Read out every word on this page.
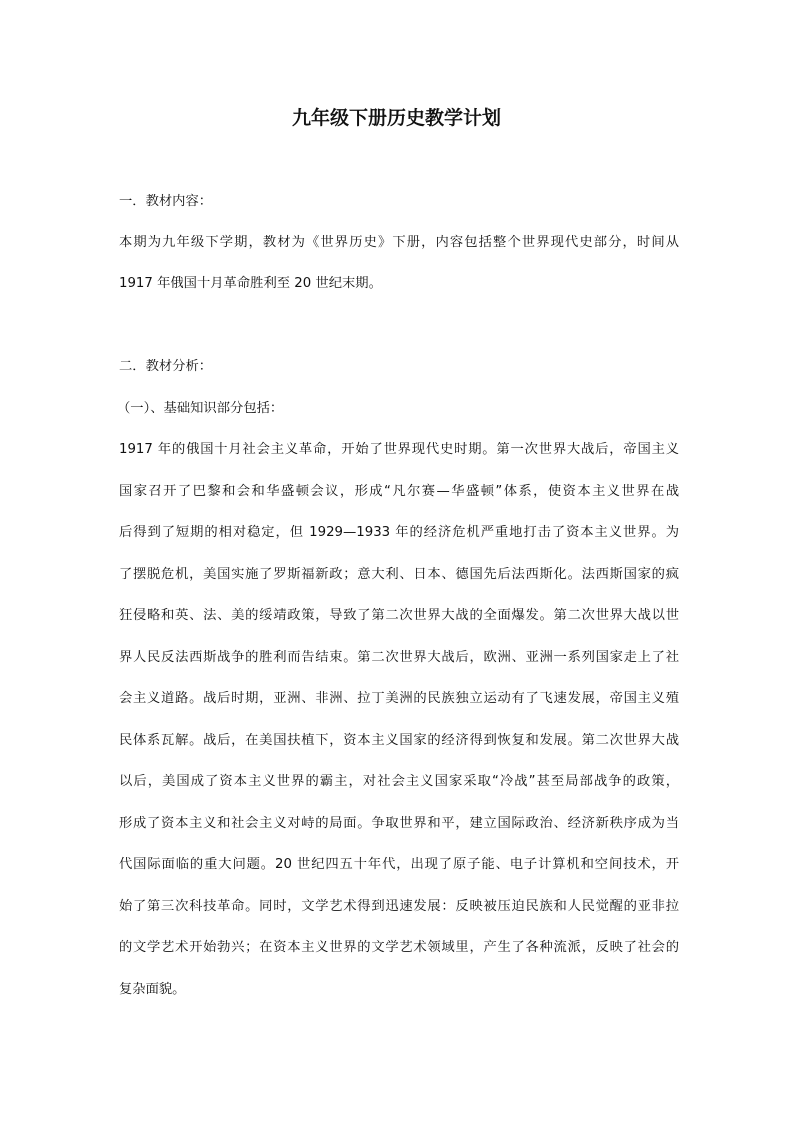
九年级下册历史教学计划
一．教材内容：
本期为九年级下学期，教材为《世界历史》下册，内容包括整个世界现代史部分，时间从
1917 年俄国十月革命胜利至 20 世纪末期。
二．教材分析：
（一）、基础知识部分包括：
1917 年的俄国十月社会主义革命，开始了世界现代史时期。第一次世界大战后，帝国主义
国家召开了巴黎和会和华盛顿会议，形成“凡尔赛—华盛顿”体系，使资本主义世界在战
后得到了短期的相对稳定，但 1929—1933 年的经济危机严重地打击了资本主义世界。为
了摆脱危机，美国实施了罗斯福新政；意大利、日本、德国先后法西斯化。法西斯国家的疯
狂侵略和英、法、美的绥靖政策，导致了第二次世界大战的全面爆发。第二次世界大战以世
界人民反法西斯战争的胜利而告结束。第二次世界大战后，欧洲、亚洲一系列国家走上了社
会主义道路。战后时期，亚洲、非洲、拉丁美洲的民族独立运动有了飞速发展，帝国主义殖
民体系瓦解。战后，在美国扶植下，资本主义国家的经济得到恢复和发展。第二次世界大战
以后，美国成了资本主义世界的霸主，对社会主义国家采取“冷战”甚至局部战争的政策，
形成了资本主义和社会主义对峙的局面。争取世界和平，建立国际政治、经济新秩序成为当
代国际面临的重大问题。20 世纪四五十年代，出现了原子能、电子计算机和空间技术，开
始了第三次科技革命。同时，文学艺术得到迅速发展：反映被压迫民族和人民觉醒的亚非拉
的文学艺术开始勃兴；在资本主义世界的文学艺术领域里，产生了各种流派，反映了社会的
复杂面貌。
